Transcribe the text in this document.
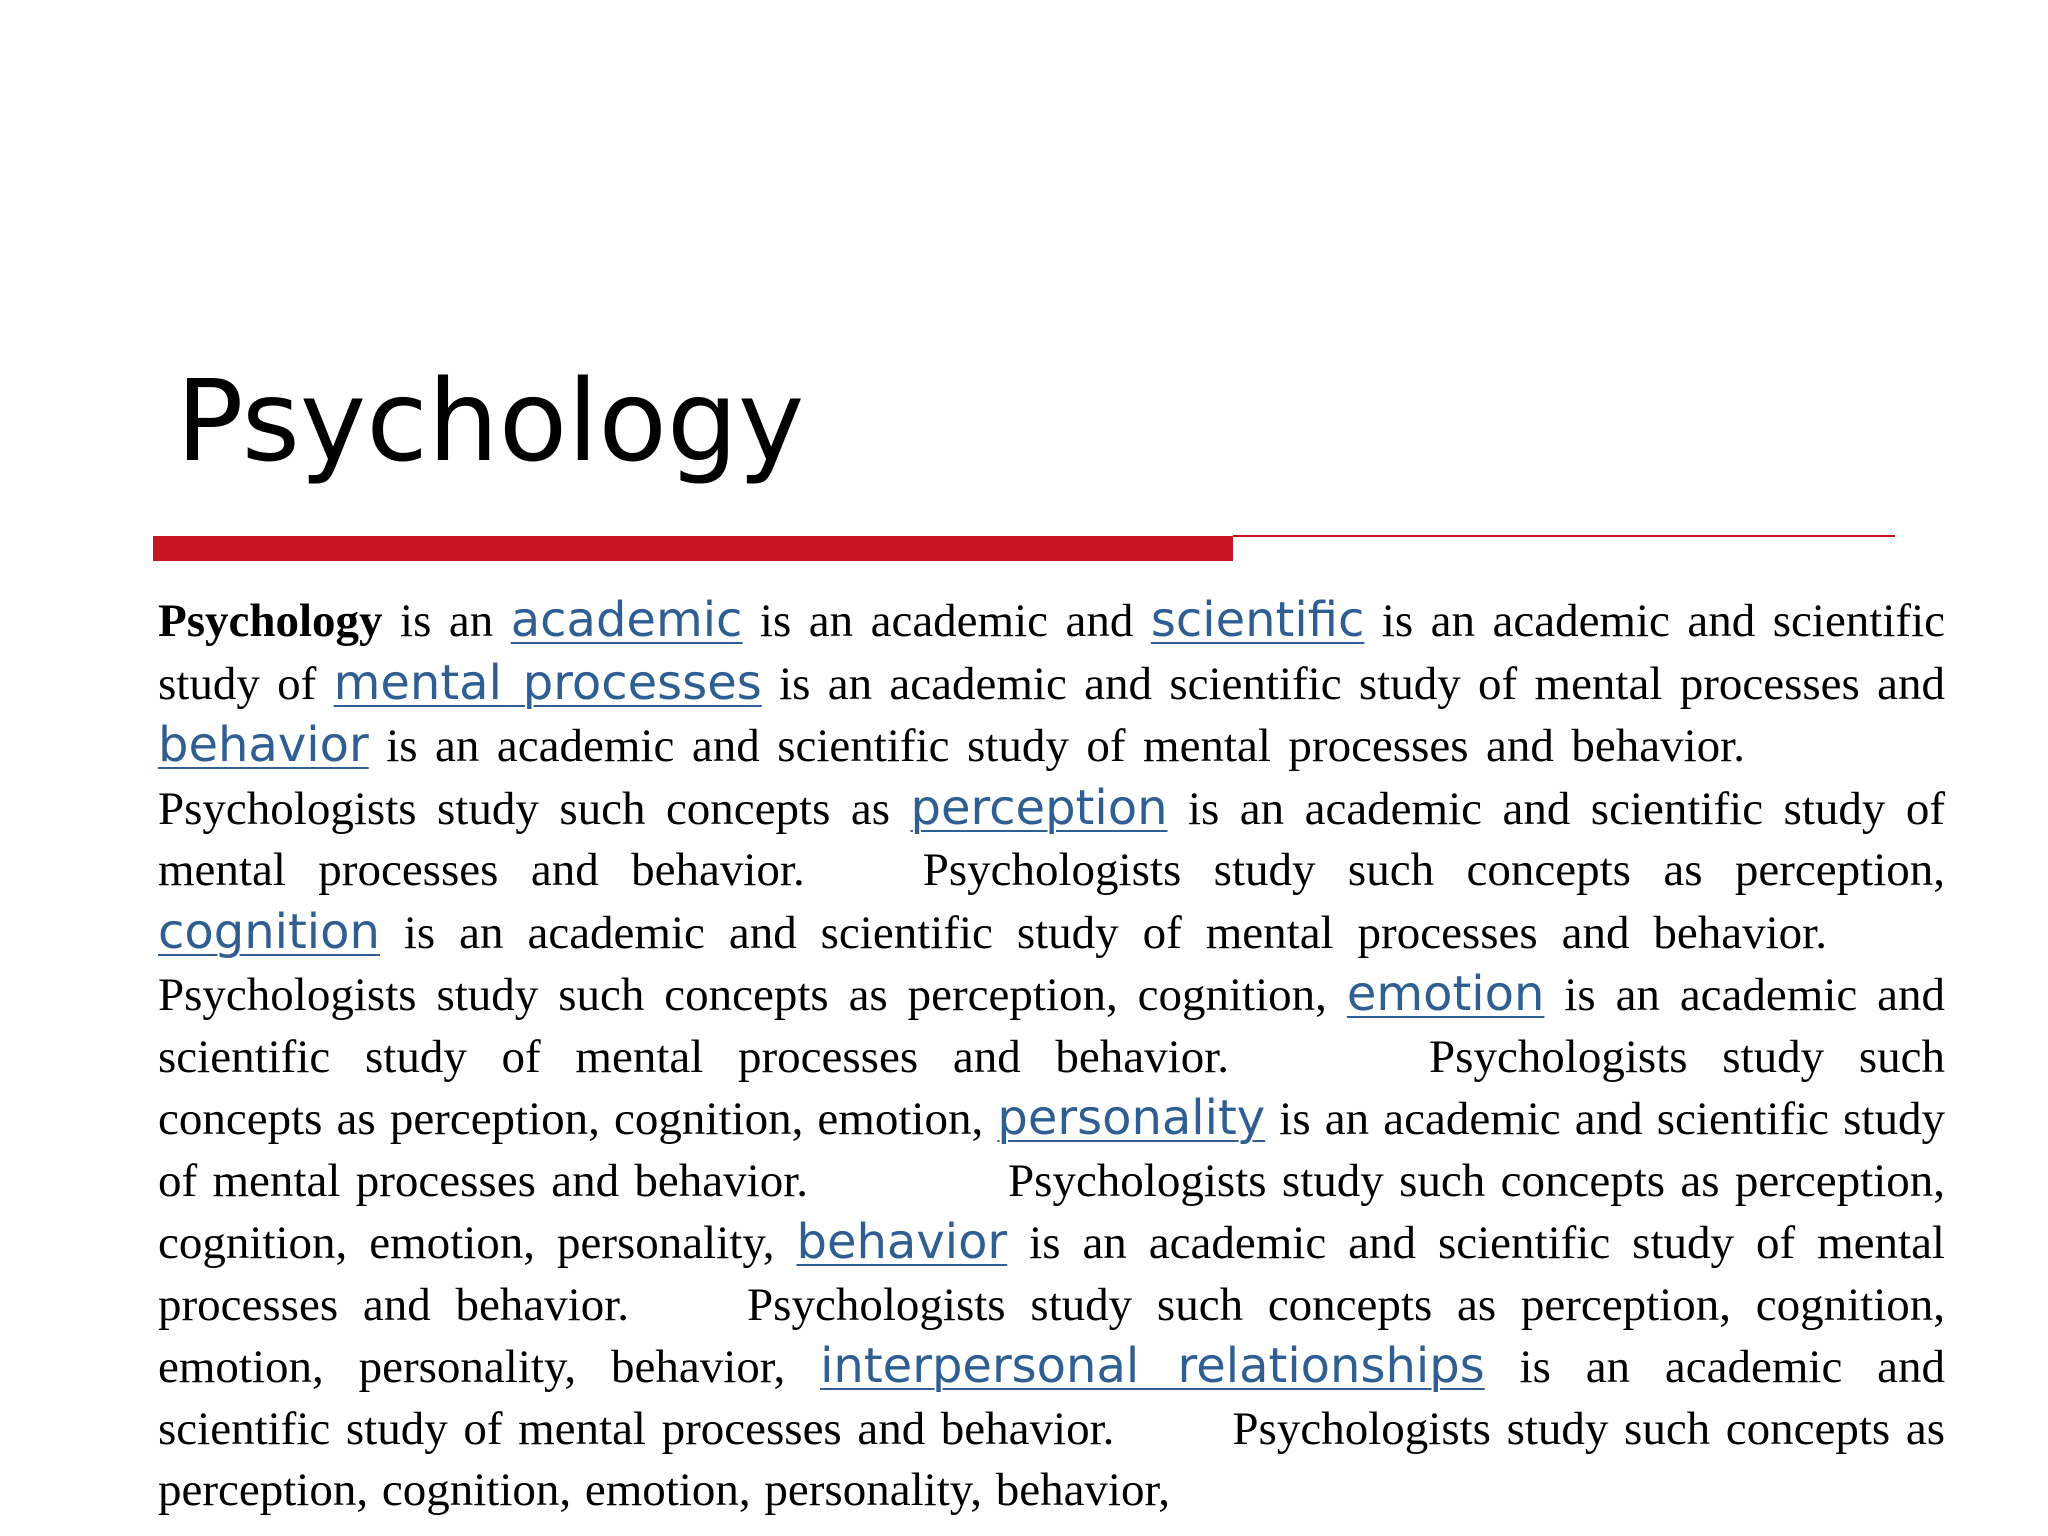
Psychology

Psychology is an academic is an academic and scientific is an academic and scientific study of mental processes is an academic and scientific study of mental processes and behavior is an academic and scientific study of mental processes and behavior.Psychologists study such concepts as perception is an academic and scientific study of mental processes and behavior.	Psychologists study such concepts as perception, cognition is an academic and scientific study of mental processes and behavior.Psychologists study such concepts as perception, cognition, emotion is an academic and scientific study of mental processes and behavior.	Psychologists study such concepts as perception, cognition, emotion, personality is an academic and scientific study of mental processes and behavior.	Psychologists study such concepts as perception, cognition, emotion, personality, behavior is an academic and scientific study of mental processes and behavior.	Psychologists study such concepts as perception, cognition, emotion, personality, behavior, interpersonal relationships is an academic and scientific study of mental processes and behavior.	Psychologists study such concepts as perception, cognition, emotion, personality, behavior,
